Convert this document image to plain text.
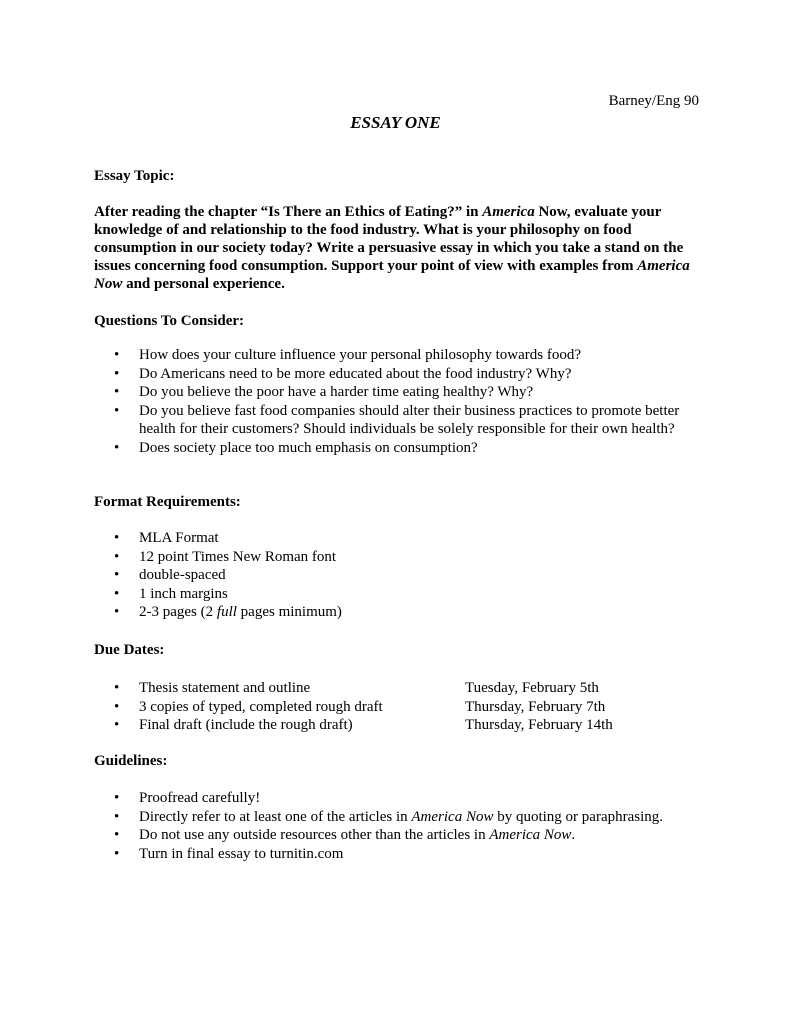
Barney/Eng 90
ESSAY ONE
Essay Topic:
After reading the chapter “Is There an Ethics of Eating?” in America Now, evaluate your knowledge of and relationship to the food industry. What is your philosophy on food consumption in our society today? Write a persuasive essay in which you take a stand on the issues concerning food consumption. Support your point of view with examples from America Now and personal experience.
Questions To Consider:
• How does your culture influence your personal philosophy towards food?
• Do Americans need to be more educated about the food industry? Why?
• Do you believe the poor have a harder time eating healthy? Why?
• Do you believe fast food companies should alter their business practices to promote better health for their customers? Should individuals be solely responsible for their own health?
• Does society place too much emphasis on consumption?
Format Requirements:
• MLA Format
• 12 point Times New Roman font
• double-spaced
• 1 inch margins
• 2-3 pages (2 full pages minimum)
Due Dates:
• Thesis statement and outline	Tuesday, February 5th
• 3 copies of typed, completed rough draft	Thursday, February 7th
• Final draft (include the rough draft)	Thursday, February 14th
Guidelines:
• Proofread carefully!
• Directly refer to at least one of the articles in America Now by quoting or paraphrasing.
• Do not use any outside resources other than the articles in America Now.
• Turn in final essay to turnitin.com
